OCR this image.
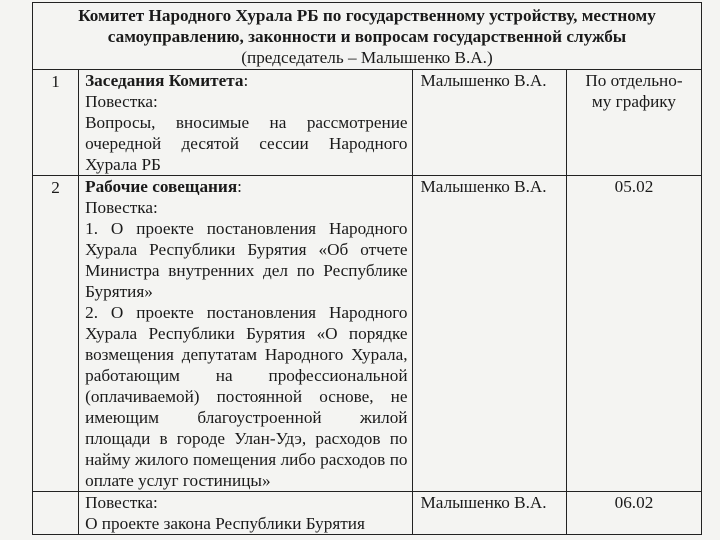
Комитет Народного Хурала РБ по государственному устройству, местному
самоуправлению, законности и вопросам государственной службы
(председатель – Малышенко В.А.)			

1	Заседания Комитета:
Повестка:
Вопросы, вносимые на рассмотрение очередной десятой сессии Народного Хурала РБ	Малышенко В.А.	По отдельно-
му графику

2	Рабочие совещания:
Повестка:
1. О проекте постановления Народного Хурала Республики Бурятия «Об отчете Министра внутренних дел по Республике Бурятия»
2. О проекте постановления Народного Хурала Республики Бурятия «О порядке возмещения депутатам Народного Хурала, работающим на профессиональной (оплачиваемой) постоянной основе, не имеющим благоустроенной жилой площади в городе Улан-Удэ, расходов по найму жилого помещения либо расходов по оплате услуг гостиницы»	Малышенко В.А.	05.02

	Повестка:
О проекте закона Республики Бурятия	Малышенко В.А.	06.02
